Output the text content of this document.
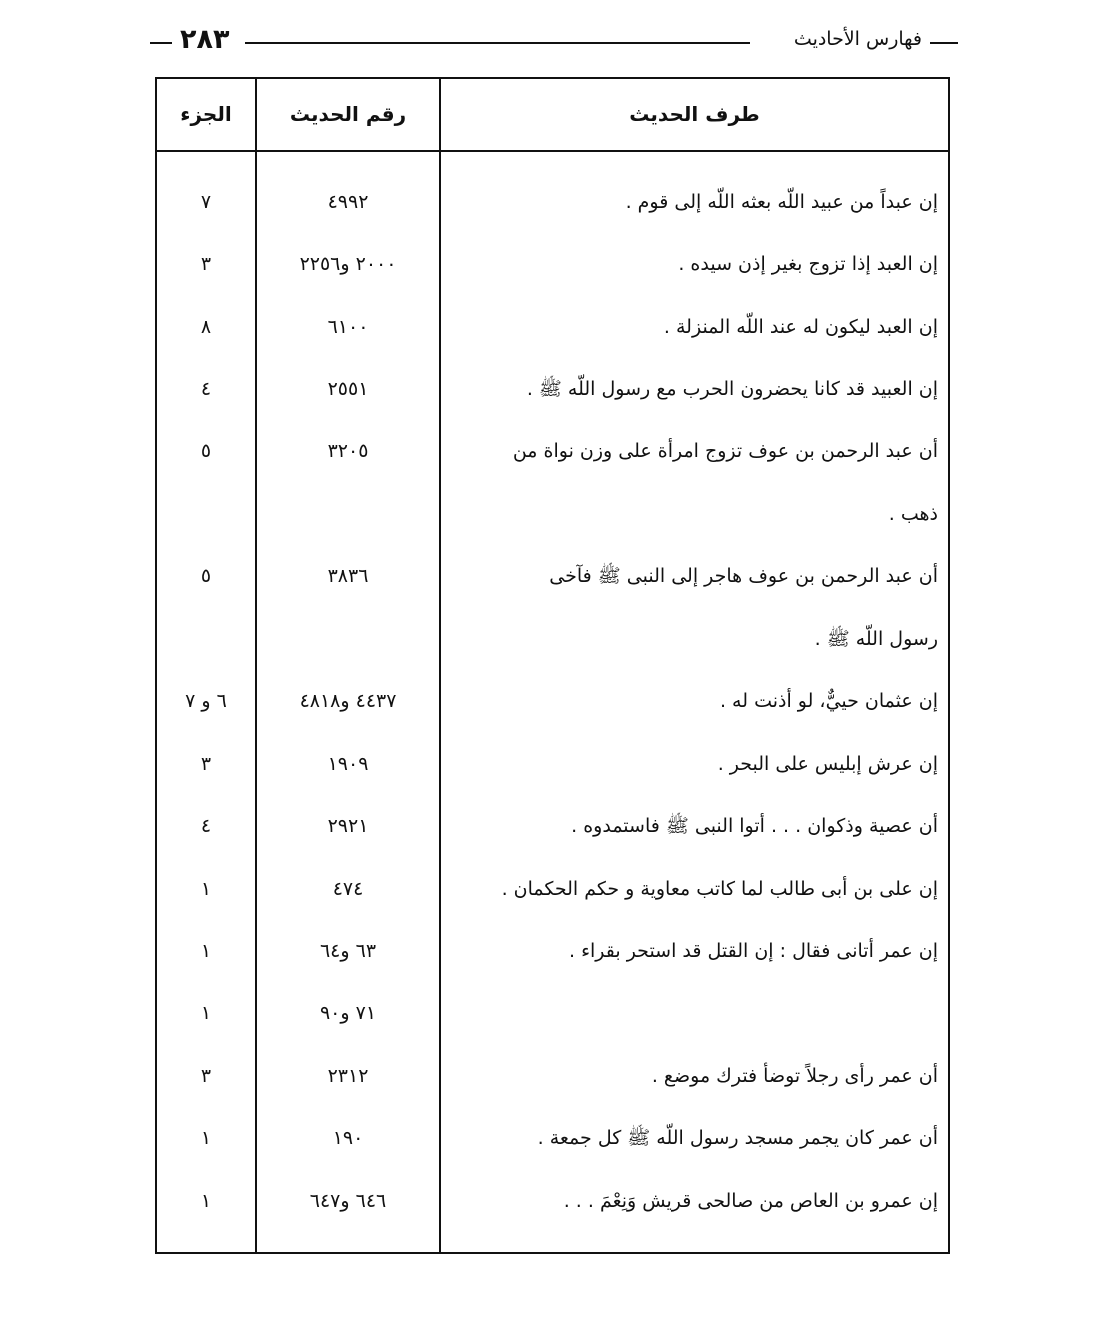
فهارس الأحاديث
٢٨٣
طرف الحديث
رقم الحديث
الجزء
إن عبداً من عبيد اللّه بعثه اللّه إلى قوم .
٤٩٩٢
٧
إن العبد إذا تزوج بغير إذن سيده .
٢٠٠٠ و٢٢٥٦
٣
إن العبد ليكون له عند اللّه المنزلة .
٦١٠٠
٨
إن العبيد قد كانا يحضرون الحرب مع رسول اللّه ﷺ .
٢٥٥١
٤
أن عبد الرحمن بن عوف تزوج امرأة على وزن نواة من
٣٢٠٥
٥
ذهب .
أن عبد الرحمن بن عوف هاجر إلى النبى ﷺ فآخى
٣٨٣٦
٥
رسول اللّه ﷺ .
إن عثمان حييٌّ، لو أذنت له .
٤٤٣٧ و٤٨١٨
٦ و ٧
إن عرش إبليس على البحر .
١٩٠٩
٣
أن عصية وذكوان . . . أتوا النبى ﷺ فاستمدوه .
٢٩٢١
٤
إن على بن أبى طالب لما كاتب معاوية و حكم الحكمان .
٤٧٤
١
إن عمر أتانى فقال : إن القتل قد استحر بقراء .
٦٣ و٦٤
١
٧١ و٩٠
١
أن عمر رأى رجلاً توضأ فترك موضع .
٢٣١٢
٣
أن عمر كان يجمر مسجد رسول اللّه ﷺ كل جمعة .
١٩٠
١
إن عمرو بن العاص من صالحى قريش وَنِعْمَ . . .
٦٤٦ و٦٤٧
١
